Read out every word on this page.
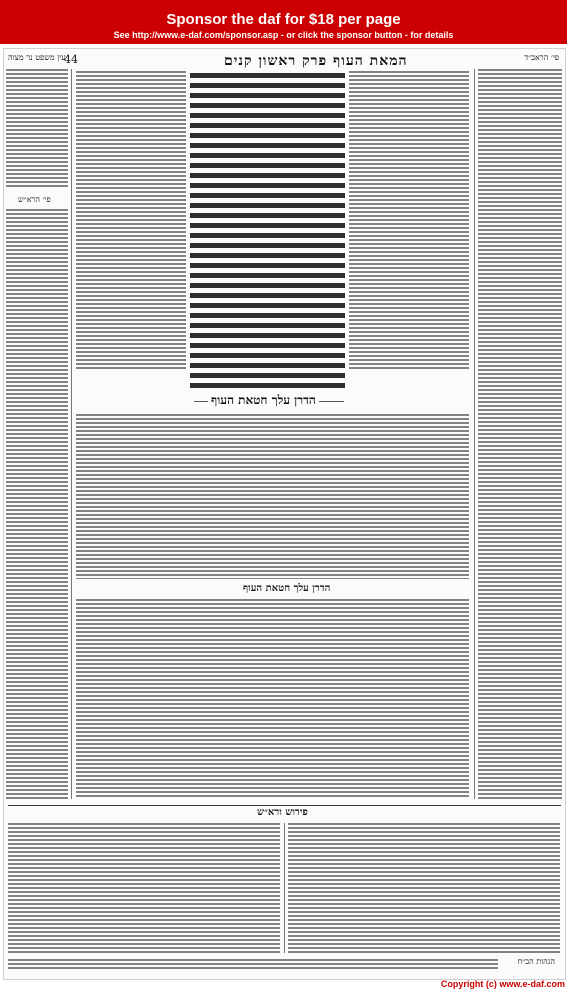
Sponsor the daf for $18 per page
See http://www.e-daf.com/sponsor.asp - or click the sponsor button - for details
עין משפט נר מצוה
44	המאת העוף פרק ראשון קנים	פי׳ הראב״ד
פי׳ הרא״ש
הדרן עלך חטאת העוף
הדרן עלך חטאת העוף
פירוש ורא״ש
הגהות הב״ח
Copyright (c) www.e-daf.com
